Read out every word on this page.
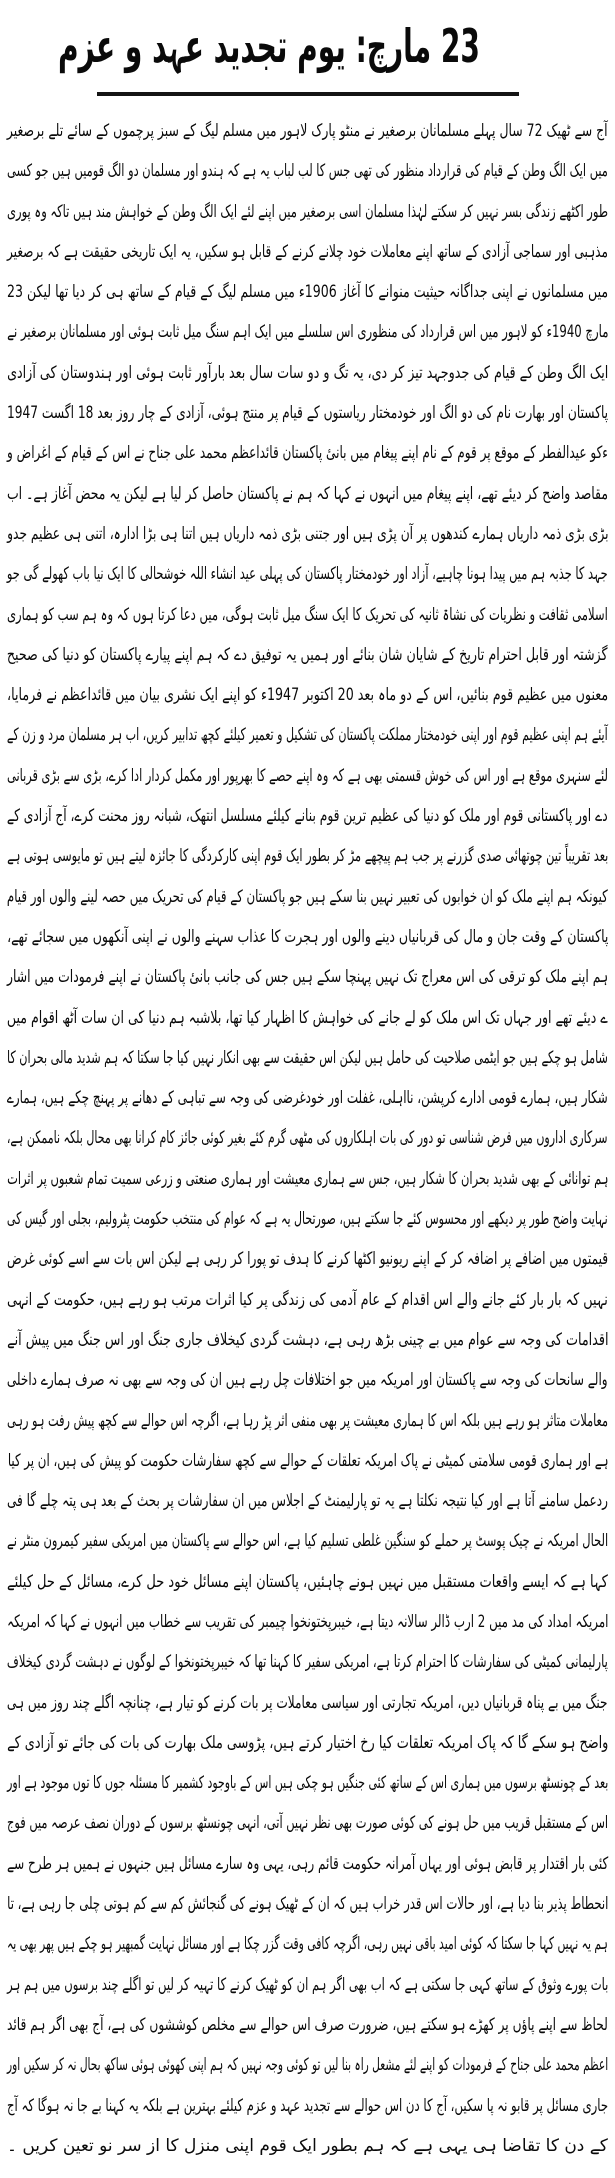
23 مارچ: یوم تجدید عہد و عزم
آج سے ٹھیک 72 سال پہلے مسلمانان برصغیر نے منٹو پارک لاہور میں مسلم لیگ کے سبز پرچموں کے سائے تلے برصغیر
میں ایک الگ وطن کے قیام کی قرارداد منظور کی تھی جس کا لب لباب یہ ہے کہ ہندو اور مسلمان دو الگ قومیں ہیں جو کسی
طور اکٹھے زندگی بسر نہیں کر سکتے لہٰذا مسلمان اسی برصغیر میں اپنے لئے ایک الگ وطن کے خواہش مند ہیں تاکہ وہ پوری
مذہبی اور سماجی آزادی کے ساتھ اپنے معاملات خود چلانے کرنے کے قابل ہو سکیں، یہ ایک تاریخی حقیقت ہے کہ برصغیر
میں مسلمانوں نے اپنی جداگانہ حیثیت منوانے کا آغاز 1906ء میں مسلم لیگ کے قیام کے ساتھ ہی کر دیا تھا لیکن 23
مارچ 1940ء کو لاہور میں اس قرارداد کی منظوری اس سلسلے میں ایک اہم سنگ میل ثابت ہوئی اور مسلمانان برصغیر نے
ایک الگ وطن کے قیام کی جدوجہد تیز کر دی، یہ تگ و دو سات سال بعد بارآور ثابت ہوئی اور ہندوستان کی آزادی
پاکستان اور بھارت نام کی دو الگ اور خودمختار ریاستوں کے قیام پر منتج ہوئی، آزادی کے چار روز بعد 18 اگست 1947
ءکو عیدالفطر کے موقع پر قوم کے نام اپنے پیغام میں بانیٔ پاکستان قائداعظم محمد علی جناح نے اس کے قیام کے اغراض و
مقاصد واضح کر دیئے تھے، اپنے پیغام میں انہوں نے کہا کہ ہم نے پاکستان حاصل کر لیا ہے لیکن یہ محض آغاز ہے۔ اب
بڑی بڑی ذمہ داریاں ہمارے کندھوں پر آن پڑی ہیں اور جتنی بڑی ذمہ داریاں ہیں اتنا ہی بڑا ادارہ، اتنی ہی عظیم جدو
جہد کا جذبہ ہم میں پیدا ہونا چاہیے، آزاد اور خودمختار پاکستان کی پہلی عید انشاء اللہ خوشحالی کا ایک نیا باب کھولے گی جو
اسلامی ثقافت و نظریات کی نشاۃ ثانیہ کی تحریک کا ایک سنگ میل ثابت ہوگی، میں دعا کرتا ہوں کہ وہ ہم سب کو ہماری
گزشتہ اور قابل احترام تاریخ کے شایان شان بنائے اور ہمیں یہ توفیق دے کہ ہم اپنے پیارے پاکستان کو دنیا کی صحیح
معنوں میں عظیم قوم بنائیں، اس کے دو ماہ بعد 20 اکتوبر 1947ء کو اپنے ایک نشری بیان میں قائداعظم نے فرمایا،
آیئے ہم اپنی عظیم قوم اور اپنی خودمختار مملکت پاکستان کی تشکیل و تعمیر کیلئے کچھ تدابیر کریں، اب ہر مسلمان مرد و زن کے
لئے سنہری موقع ہے اور اس کی خوش قسمتی بھی ہے کہ وہ اپنے حصے کا بھرپور اور مکمل کردار ادا کرے، بڑی سے بڑی قربانی
دے اور پاکستانی قوم اور ملک کو دنیا کی عظیم ترین قوم بنانے کیلئے مسلسل انتھک، شبانہ روز محنت کرے، آج آزادی کے
بعد تقریباً تین چوتھائی صدی گزرنے پر جب ہم پیچھے مڑ کر بطور ایک قوم اپنی کارکردگی کا جائزہ لیتے ہیں تو مایوسی ہوتی ہے
کیونکہ ہم اپنے ملک کو ان خوابوں کی تعبیر نہیں بنا سکے ہیں جو پاکستان کے قیام کی تحریک میں حصہ لینے والوں اور قیام
پاکستان کے وقت جان و مال کی قربانیاں دینے والوں اور ہجرت کا عذاب سہنے والوں نے اپنی آنکھوں میں سجائے تھے،
ہم اپنے ملک کو ترقی کی اس معراج تک نہیں پہنچا سکے ہیں جس کی جانب بانیٔ پاکستان نے اپنے فرمودات میں اشار
ے دیئے تھے اور جہاں تک اس ملک کو لے جانے کی خواہش کا اظہار کیا تھا، بلاشبہ ہم دنیا کی ان سات آٹھ اقوام میں
شامل ہو چکے ہیں جو ایٹمی صلاحیت کی حامل ہیں لیکن اس حقیقت سے بھی انکار نہیں کیا جا سکتا کہ ہم شدید مالی بحران کا
شکار ہیں، ہمارے قومی ادارے کرپشن، نااہلی، غفلت اور خودغرضی کی وجہ سے تباہی کے دھانے پر پہنچ چکے ہیں، ہمارے
سرکاری اداروں میں فرض شناسی تو دور کی بات اہلکاروں کی مٹھی گرم کئے بغیر کوئی جائز کام کرانا بھی محال بلکہ ناممکن ہے،
ہم توانائی کے بھی شدید بحران کا شکار ہیں، جس سے ہماری معیشت اور ہماری صنعتی و زرعی سمیت تمام شعبوں پر اثرات
نہایت واضح طور پر دیکھے اور محسوس کئے جا سکتے ہیں، صورتحال یہ ہے کہ عوام کی منتخب حکومت پٹرولیم، بجلی اور گیس کی
قیمتوں میں اضافے پر اضافہ کر کے اپنے ریونیو اکٹھا کرنے کا ہدف تو پورا کر رہی ہے لیکن اس بات سے اسے کوئی غرض
نہیں کہ بار بار کئے جانے والے اس اقدام کے عام آدمی کی زندگی پر کیا اثرات مرتب ہو رہے ہیں، حکومت کے انہی
اقدامات کی وجہ سے عوام میں بے چینی بڑھ رہی ہے، دہشت گردی کیخلاف جاری جنگ اور اس جنگ میں پیش آنے
والے سانحات کی وجہ سے پاکستان اور امریکہ میں جو اختلافات چل رہے ہیں ان کی وجہ سے بھی نہ صرف ہمارے داخلی
معاملات متاثر ہو رہے ہیں بلکہ اس کا ہماری معیشت پر بھی منفی اثر پڑ رہا ہے، اگرچہ اس حوالے سے کچھ پیش رفت ہو رہی
ہے اور ہماری قومی سلامتی کمیٹی نے پاک امریکہ تعلقات کے حوالے سے کچھ سفارشات حکومت کو پیش کی ہیں، ان پر کیا
ردعمل سامنے آتا ہے اور کیا نتیجہ نکلتا ہے یہ تو پارلیمنٹ کے اجلاس میں ان سفارشات پر بحث کے بعد ہی پتہ چلے گا فی
الحال امریکہ نے چیک پوسٹ پر حملے کو سنگین غلطی تسلیم کیا ہے، اس حوالے سے پاکستان میں امریکی سفیر کیمرون منٹر نے
کہا ہے کہ ایسے واقعات مستقبل میں نہیں ہونے چاہئیں، پاکستان اپنے مسائل خود حل کرے، مسائل کے حل کیلئے
امریکہ امداد کی مد میں 2 ارب ڈالر سالانہ دیتا ہے، خیبرپختونخوا چیمبر کی تقریب سے خطاب میں انہوں نے کہا کہ امریکہ
پارلیمانی کمیٹی کی سفارشات کا احترام کرتا ہے، امریکی سفیر کا کہنا تھا کہ خیبرپختونخوا کے لوگوں نے دہشت گردی کیخلاف
جنگ میں بے پناہ قربانیاں دیں، امریکہ تجارتی اور سیاسی معاملات پر بات کرنے کو تیار ہے، چنانچہ اگلے چند روز میں ہی
واضح ہو سکے گا کہ پاک امریکہ تعلقات کیا رخ اختیار کرتے ہیں، پڑوسی ملک بھارت کی بات کی جائے تو آزادی کے
بعد کے چونسٹھ برسوں میں ہماری اس کے ساتھ کئی جنگیں ہو چکی ہیں اس کے باوجود کشمیر کا مسئلہ جوں کا توں موجود ہے اور
اس کے مستقبل قریب میں حل ہونے کی کوئی صورت بھی نظر نہیں آتی، انہی چونسٹھ برسوں کے دوران نصف عرصہ میں فوج
کئی بار اقتدار پر قابض ہوئی اور یہاں آمرانہ حکومت قائم رہی، یہی وہ سارے مسائل ہیں جنہوں نے ہمیں ہر طرح سے
انحطاط پذیر بنا دیا ہے، اور حالات اس قدر خراب ہیں کہ ان کے ٹھیک ہونے کی گنجائش کم سے کم ہوتی چلی جا رہی ہے، تا
ہم یہ نہیں کہا جا سکتا کہ کوئی امید باقی نہیں رہی، اگرچہ کافی وقت گزر چکا ہے اور مسائل نہایت گمبھیر ہو چکے ہیں پھر بھی یہ
بات پورے وثوق کے ساتھ کہی جا سکتی ہے کہ اب بھی اگر ہم ان کو ٹھیک کرنے کا تہیہ کر لیں تو اگلے چند برسوں میں ہم ہر
لحاظ سے اپنے پاؤں پر کھڑے ہو سکتے ہیں، ضرورت صرف اس حوالے سے مخلص کوششوں کی ہے، آج بھی اگر ہم قائد
اعظم محمد علی جناح کے فرمودات کو اپنے لئے مشعل راہ بنا لیں تو کوئی وجہ نہیں کہ ہم اپنی کھوئی ہوئی ساکھ بحال نہ کر سکیں اور
جاری مسائل پر قابو نہ پا سکیں، آج کا دن اس حوالے سے تجدید عہد و عزم کیلئے بہترین ہے بلکہ یہ کہنا بے جا نہ ہوگا کہ آج
کے دن کا تقاضا ہی یہی ہے کہ ہم بطور ایک قوم اپنی منزل کا از سر نو تعین کریں ۔
